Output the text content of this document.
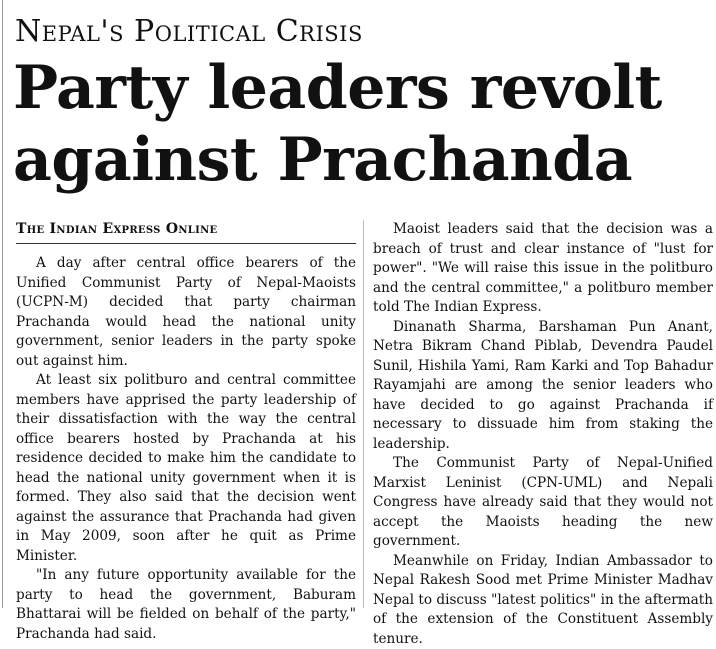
Nepal's Political Crisis
Party leaders revolt against Prachanda
The Indian Express Online

A day after central office bearers of the Unified Communist Party of Nepal-Maoists (UCPN-M) decided that party chairman Prachanda would head the national unity government, senior leaders in the party spoke out against him.

At least six politburo and central committee members have apprised the party leadership of their dissatisfaction with the way the central office bearers hosted by Prachanda at his residence decided to make him the candidate to head the national unity government when it is formed. They also said that the decision went against the assurance that Prachanda had given in May 2009, soon after he quit as Prime Minister.

"In any future opportunity available for the party to head the government, Baburam Bhattarai will be fielded on behalf of the party," Prachanda had said.

Maoist leaders said that the decision was a breach of trust and clear instance of "lust for power". "We will raise this issue in the politburo and the central committee," a politburo member told The Indian Express.

Dinanath Sharma, Barshaman Pun Anant, Netra Bikram Chand Piblab, Devendra Paudel Sunil, Hishila Yami, Ram Karki and Top Bahadur Rayamjahi are among the senior leaders who have decided to go against Prachanda if necessary to dissuade him from staking the leadership.

The Communist Party of Nepal-Unified Marxist Leninist (CPN-UML) and Nepali Congress have already said that they would not accept the Maoists heading the new government.

Meanwhile on Friday, Indian Ambassador to Nepal Rakesh Sood met Prime Minister Madhav Nepal to discuss "latest politics" in the aftermath of the extension of the Constituent Assembly tenure.
